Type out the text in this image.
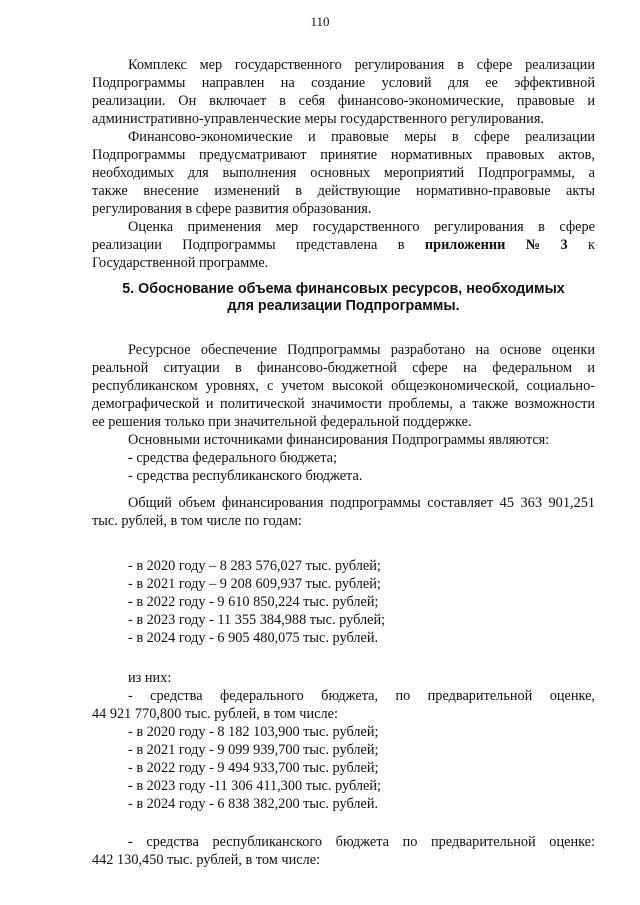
110

Комплекс мер государственного регулирования в сфере реализации

Подпрограммы направлен на создание условий для ее эффективной

реализации. Он включает в себя финансово-экономические, правовые и

административно-управленческие меры государственного регулирования.

Финансово-экономические и правовые меры в сфере реализации

Подпрограммы предусматривают принятие нормативных правовых актов,

необходимых для выполнения основных мероприятий Подпрограммы, а

также внесение изменений в действующие нормативно-правовые акты

регулирования в сфере развития образования.

Оценка применения мер государственного регулирования в сфере

реализации Подпрограммы представлена в приложении № 3 к

Государственной программе.

5. Обоснование объема финансовых ресурсов, необходимых

для реализации Подпрограммы.

Ресурсное обеспечение Подпрограммы разработано на основе оценки

реальной ситуации в финансово-бюджетной сфере на федеральном и

республиканском уровнях, с учетом высокой общеэкономической, социально-

демографической и политической значимости проблемы, а также возможности

ее решения только при значительной федеральной поддержке.

Основными источниками финансирования Подпрограммы являются:

- средства федерального бюджета;

- средства республиканского бюджета.

Общий объем финансирования подпрограммы составляет 45 363 901,251

тыс. рублей, в том числе по годам:

- в 2020 году – 8 283 576,027 тыс. рублей;

- в 2021 году – 9 208 609,937 тыс. рублей;

- в 2022 году - 9 610 850,224 тыс. рублей;

- в 2023 году - 11 355 384,988 тыс. рублей;

- в 2024 году - 6 905 480,075 тыс. рублей.

из них:

- средства федерального бюджета, по предварительной оценке,

44 921 770,800 тыс. рублей, в том числе:

- в 2020 году - 8 182 103,900 тыс. рублей;

- в 2021 году - 9 099 939,700 тыс. рублей;

- в 2022 году - 9 494 933,700 тыс. рублей;

- в 2023 году -11 306 411,300 тыс. рублей;

- в 2024 году - 6 838 382,200 тыс. рублей.

- средства республиканского бюджета по предварительной оценке:

442 130,450 тыс. рублей, в том числе:
